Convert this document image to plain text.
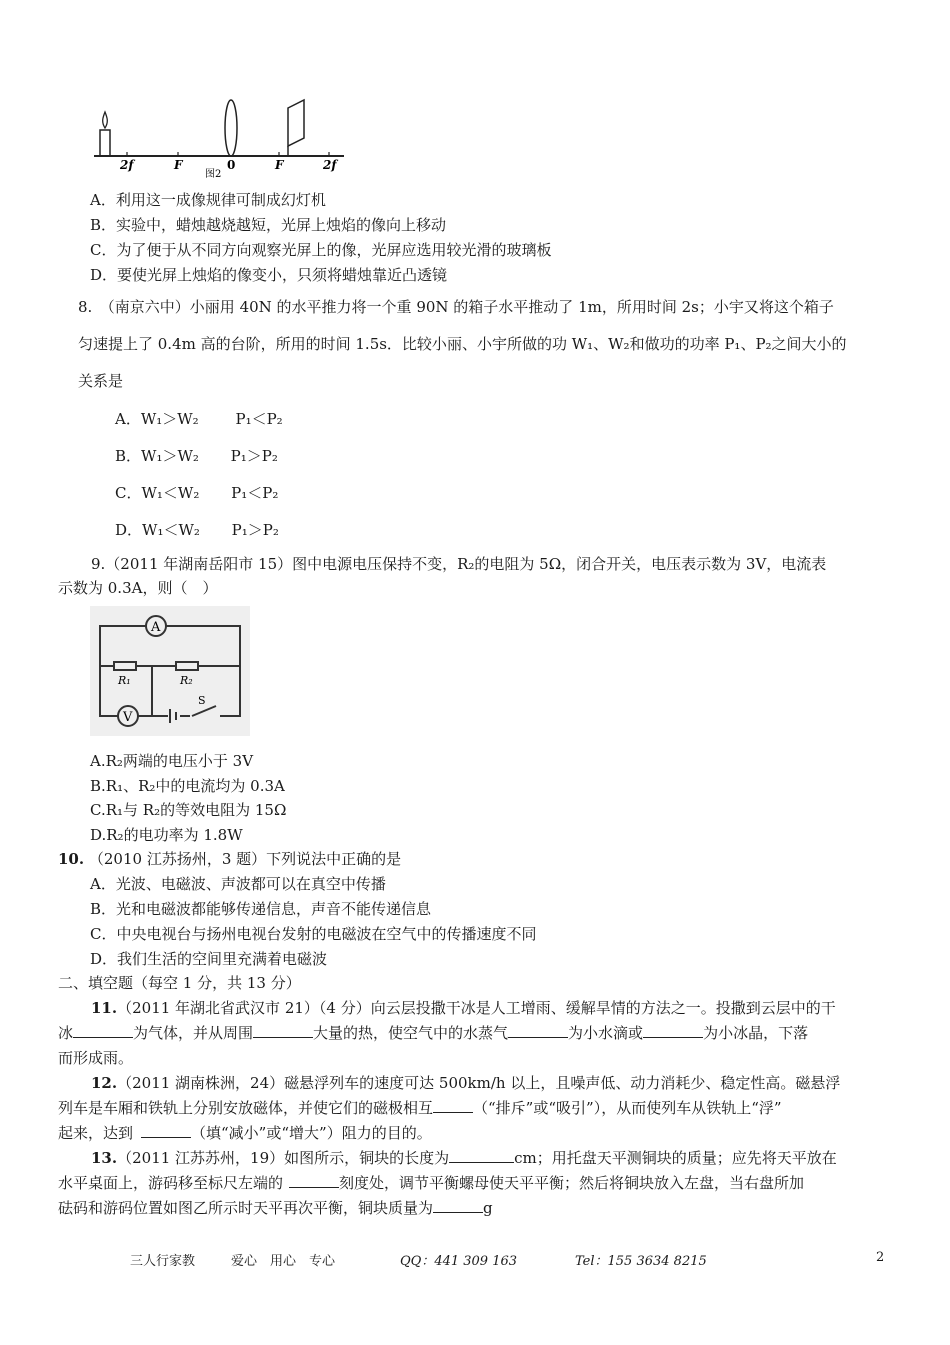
2f	F	0	F	2f
图2
A．利用这一成像规律可制成幻灯机
B．实验中，蜡烛越烧越短，光屏上烛焰的像向上移动
C．为了便于从不同方向观察光屏上的像，光屏应选用较光滑的玻璃板
D．要使光屏上烛焰的像变小，只须将蜡烛靠近凸透镜
8.　（南京六中）小丽用 40N 的水平推力将一个重 90N 的箱子水平推动了 1m，所用时间 2s；小宇又将这个箱子
匀速提上了 0.4m 高的台阶，所用的时间 1.5s．比较小丽、小宇所做的功 W₁、W₂和做功的功率 P₁、P₂之间大小的
关系是
A．W₁＞W₂ P₁＜P₂
B．W₁＞W₂ P₁＞P₂
C．W₁＜W₂ P₁＜P₂
D．W₁＜W₂ P₁＞P₂
9.（2011 年湖南岳阳市 15）图中电源电压保持不变，R₂的电阻为 5Ω，闭合开关，电压表示数为 3V，电流表
示数为 0.3A，则（　）
A
R₁	R₂
V
S
A.R₂两端的电压小于 3V
B.R₁、R₂中的电流均为 0.3A
C.R₁与 R₂的等效电阻为 15Ω
D.R₂的电功率为 1.8W
10. （2010 江苏扬州，3 题）下列说法中正确的是
A．光波、电磁波、声波都可以在真空中传播
B．光和电磁波都能够传递信息，声音不能传递信息
C．中央电视台与扬州电视台发射的电磁波在空气中的传播速度不同
D．我们生活的空间里充满着电磁波
二、填空题（每空 1 分，共 13 分）
11.（2011 年湖北省武汉市 21）（4 分）向云层投撒干冰是人工增雨、缓解旱情的方法之一。投撒到云层中的干
冰	为气体，并从周围	大量的热，使空气中的水蒸气	为小水滴或	为小冰晶，下落
而形成雨。
12.（2011 湖南株洲，24）磁悬浮列车的速度可达 500km/h 以上，且噪声低、动力消耗少、稳定性高。磁悬浮
列车是车厢和铁轨上分别安放磁体，并使它们的磁极相互	（“排斥”或“吸引”），从而使列车从铁轨上“浮”
起来，达到	（填“减小”或“增大”）阻力的目的。
13.（2011 江苏苏州，19）如图所示，铜块的长度为	cm；用托盘天平测铜块的质量；应先将天平放在
水平桌面上，游码移至标尺左端的	刻度处，调节平衡螺母使天平平衡；然后将铜块放入左盘，当右盘所加
砝码和游码位置如图乙所示时天平再次平衡，铜块质量为	g
三人行家教	爱心　用心　专心	QQ：441 309 163	Tel：155 3634 8215	2
